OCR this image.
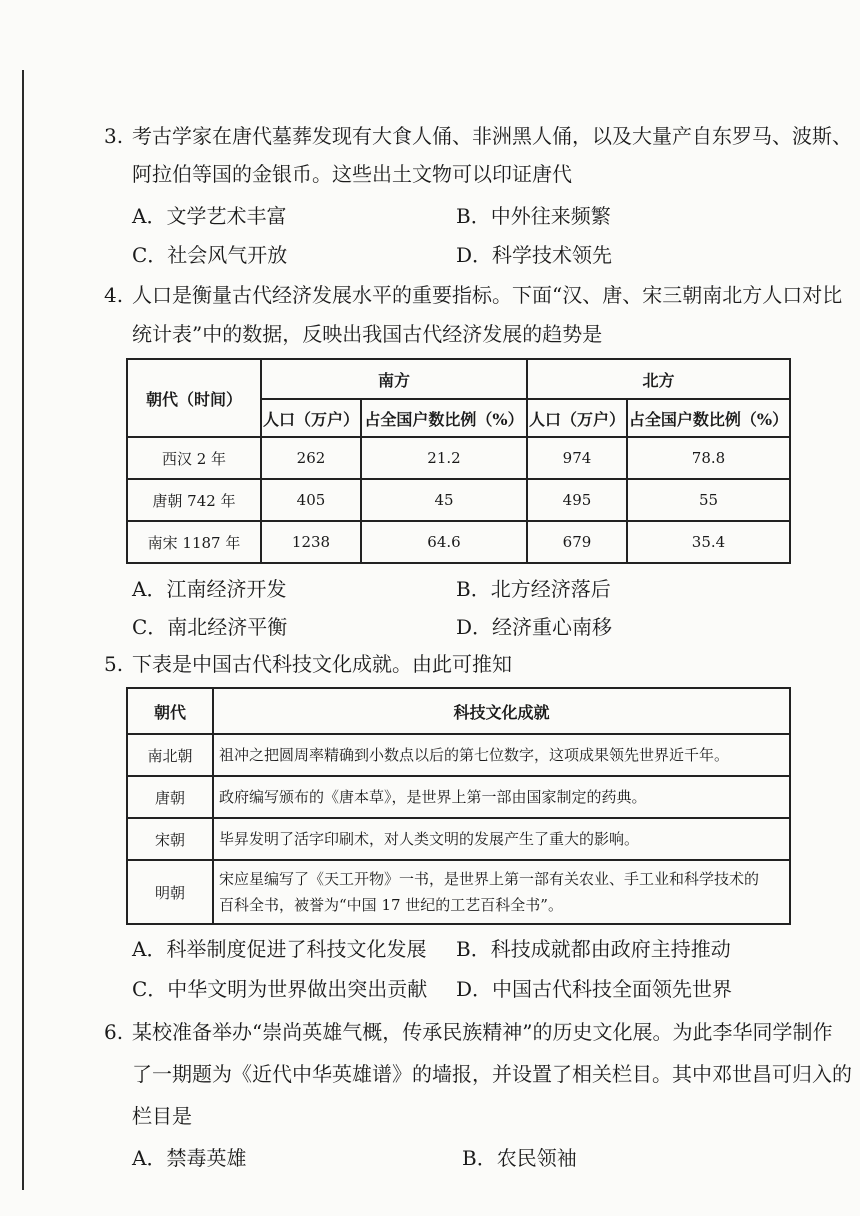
3. 考古学家在唐代墓葬发现有大食人俑、非洲黑人俑，以及大量产自东罗马、波斯、
阿拉伯等国的金银币。这些出土文物可以印证唐代
A．文学艺术丰富	B．中外往来频繁
C．社会风气开放	D．科学技术领先
4. 人口是衡量古代经济发展水平的重要指标。下面“汉、唐、宋三朝南北方人口对比
统计表”中的数据，反映出我国古代经济发展的趋势是
朝代（时间）	南方		北方	
	人口（万户）	占全国户数比例（%）	人口（万户）	占全国户数比例（%）
西汉 2 年	262	21.2	974	78.8
唐朝 742 年	405	45	495	55
南宋 1187 年	1238	64.6	679	35.4
A．江南经济开发	B．北方经济落后
C．南北经济平衡	D．经济重心南移
5. 下表是中国古代科技文化成就。由此可推知
朝代	科技文化成就
南北朝	祖冲之把圆周率精确到小数点以后的第七位数字，这项成果领先世界近千年。
唐朝	政府编写颁布的《唐本草》，是世界上第一部由国家制定的药典。
宋朝	毕昇发明了活字印刷术，对人类文明的发展产生了重大的影响。
明朝	宋应星编写了《天工开物》一书，是世界上第一部有关农业、手工业和科学技术的
百科全书，被誉为“中国 17 世纪的工艺百科全书”。
A．科举制度促进了科技文化发展 B．科技成就都由政府主持推动
C．中华文明为世界做出突出贡献 D．中国古代科技全面领先世界
6. 某校准备举办“崇尚英雄气概，传承民族精神”的历史文化展。为此李华同学制作
了一期题为《近代中华英雄谱》的墙报，并设置了相关栏目。其中邓世昌可归入的
栏目是
A．禁毒英雄	B．农民领袖
